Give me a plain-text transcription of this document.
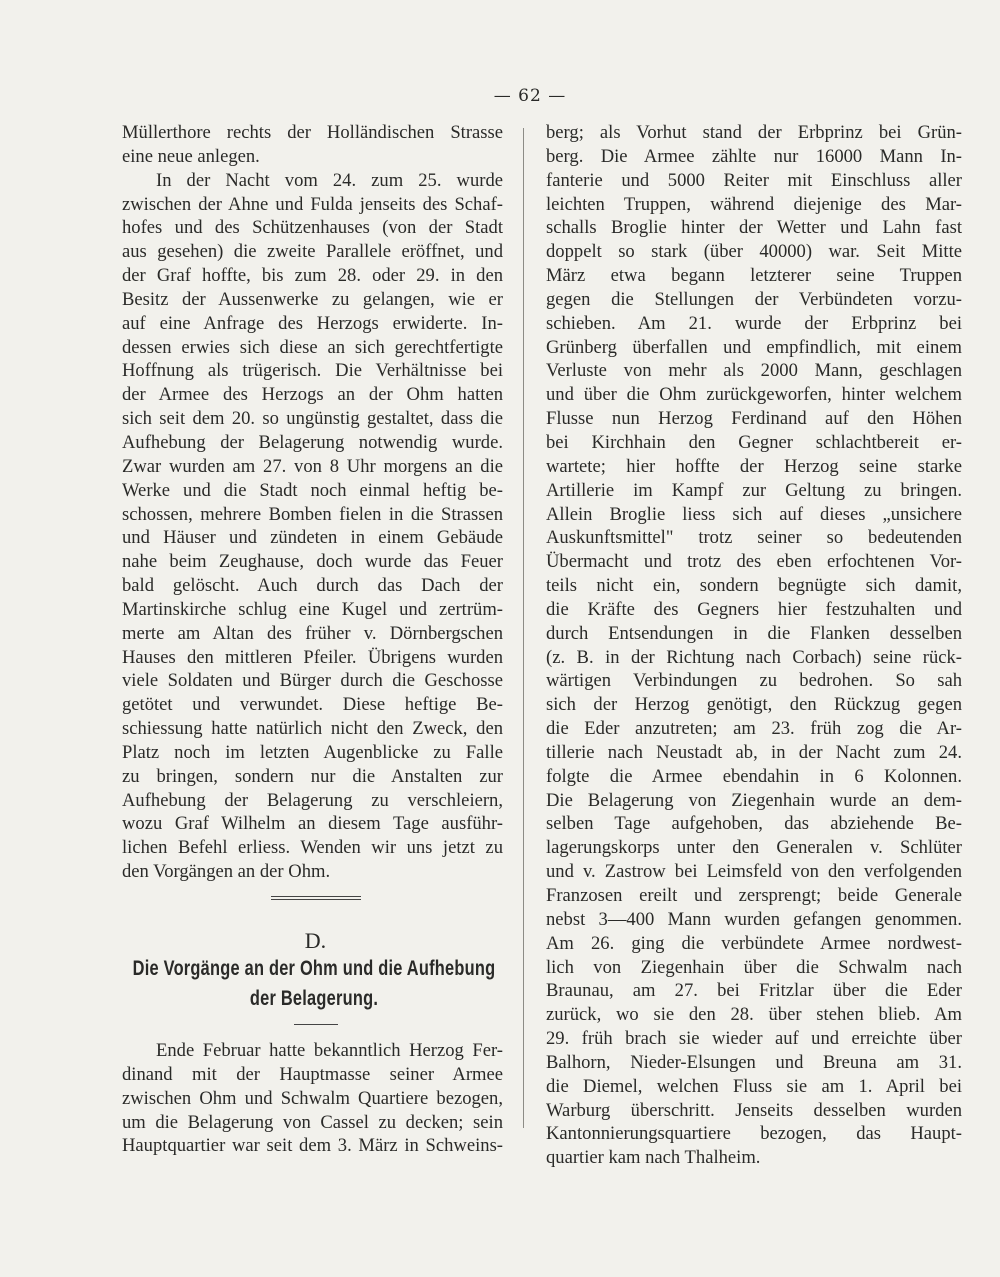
— 62 —
Müllerthore rechts der Holländischen Strasse
eine neue anlegen.
In der Nacht vom 24. zum 25. wurde
zwischen der Ahne und Fulda jenseits des Schaf-
hofes und des Schützenhauses (von der Stadt
aus gesehen) die zweite Parallele eröffnet, und
der Graf hoffte, bis zum 28. oder 29. in den
Besitz der Aussenwerke zu gelangen, wie er
auf eine Anfrage des Herzogs erwiderte. In-
dessen erwies sich diese an sich gerechtfertigte
Hoffnung als trügerisch. Die Verhältnisse bei
der Armee des Herzogs an der Ohm hatten
sich seit dem 20. so ungünstig gestaltet, dass die
Aufhebung der Belagerung notwendig wurde.
Zwar wurden am 27. von 8 Uhr morgens an die
Werke und die Stadt noch einmal heftig be-
schossen, mehrere Bomben fielen in die Strassen
und Häuser und zündeten in einem Gebäude
nahe beim Zeughause, doch wurde das Feuer
bald gelöscht. Auch durch das Dach der
Martinskirche schlug eine Kugel und zertrüm-
merte am Altan des früher v. Dörnbergschen
Hauses den mittleren Pfeiler. Übrigens wurden
viele Soldaten und Bürger durch die Geschosse
getötet und verwundet. Diese heftige Be-
schiessung hatte natürlich nicht den Zweck, den
Platz noch im letzten Augenblicke zu Falle
zu bringen, sondern nur die Anstalten zur
Aufhebung der Belagerung zu verschleiern,
wozu Graf Wilhelm an diesem Tage ausführ-
lichen Befehl erliess. Wenden wir uns jetzt zu
den Vorgängen an der Ohm.
D.
Die Vorgänge an der Ohm und die Aufhebung
der Belagerung.
Ende Februar hatte bekanntlich Herzog Fer-
dinand mit der Hauptmasse seiner Armee
zwischen Ohm und Schwalm Quartiere bezogen,
um die Belagerung von Cassel zu decken; sein
Hauptquartier war seit dem 3. März in Schweins-
berg; als Vorhut stand der Erbprinz bei Grün-
berg. Die Armee zählte nur 16000 Mann In-
fanterie und 5000 Reiter mit Einschluss aller
leichten Truppen, während diejenige des Mar-
schalls Broglie hinter der Wetter und Lahn fast
doppelt so stark (über 40000) war. Seit Mitte
März etwa begann letzterer seine Truppen
gegen die Stellungen der Verbündeten vorzu-
schieben. Am 21. wurde der Erbprinz bei
Grünberg überfallen und empfindlich, mit einem
Verluste von mehr als 2000 Mann, geschlagen
und über die Ohm zurückgeworfen, hinter welchem
Flusse nun Herzog Ferdinand auf den Höhen
bei Kirchhain den Gegner schlachtbereit er-
wartete; hier hoffte der Herzog seine starke
Artillerie im Kampf zur Geltung zu bringen.
Allein Broglie liess sich auf dieses „unsichere
Auskunftsmittel" trotz seiner so bedeutenden
Übermacht und trotz des eben erfochtenen Vor-
teils nicht ein, sondern begnügte sich damit,
die Kräfte des Gegners hier festzuhalten und
durch Entsendungen in die Flanken desselben
(z. B. in der Richtung nach Corbach) seine rück-
wärtigen Verbindungen zu bedrohen. So sah
sich der Herzog genötigt, den Rückzug gegen
die Eder anzutreten; am 23. früh zog die Ar-
tillerie nach Neustadt ab, in der Nacht zum 24.
folgte die Armee ebendahin in 6 Kolonnen.
Die Belagerung von Ziegenhain wurde an dem-
selben Tage aufgehoben, das abziehende Be-
lagerungskorps unter den Generalen v. Schlüter
und v. Zastrow bei Leimsfeld von den verfolgenden
Franzosen ereilt und zersprengt; beide Generale
nebst 3—400 Mann wurden gefangen genommen.
Am 26. ging die verbündete Armee nordwest-
lich von Ziegenhain über die Schwalm nach
Braunau, am 27. bei Fritzlar über die Eder
zurück, wo sie den 28. über stehen blieb. Am
29. früh brach sie wieder auf und erreichte über
Balhorn, Nieder-Elsungen und Breuna am 31.
die Diemel, welchen Fluss sie am 1. April bei
Warburg überschritt. Jenseits desselben wurden
Kantonnierungsquartiere bezogen, das Haupt-
quartier kam nach Thalheim.
